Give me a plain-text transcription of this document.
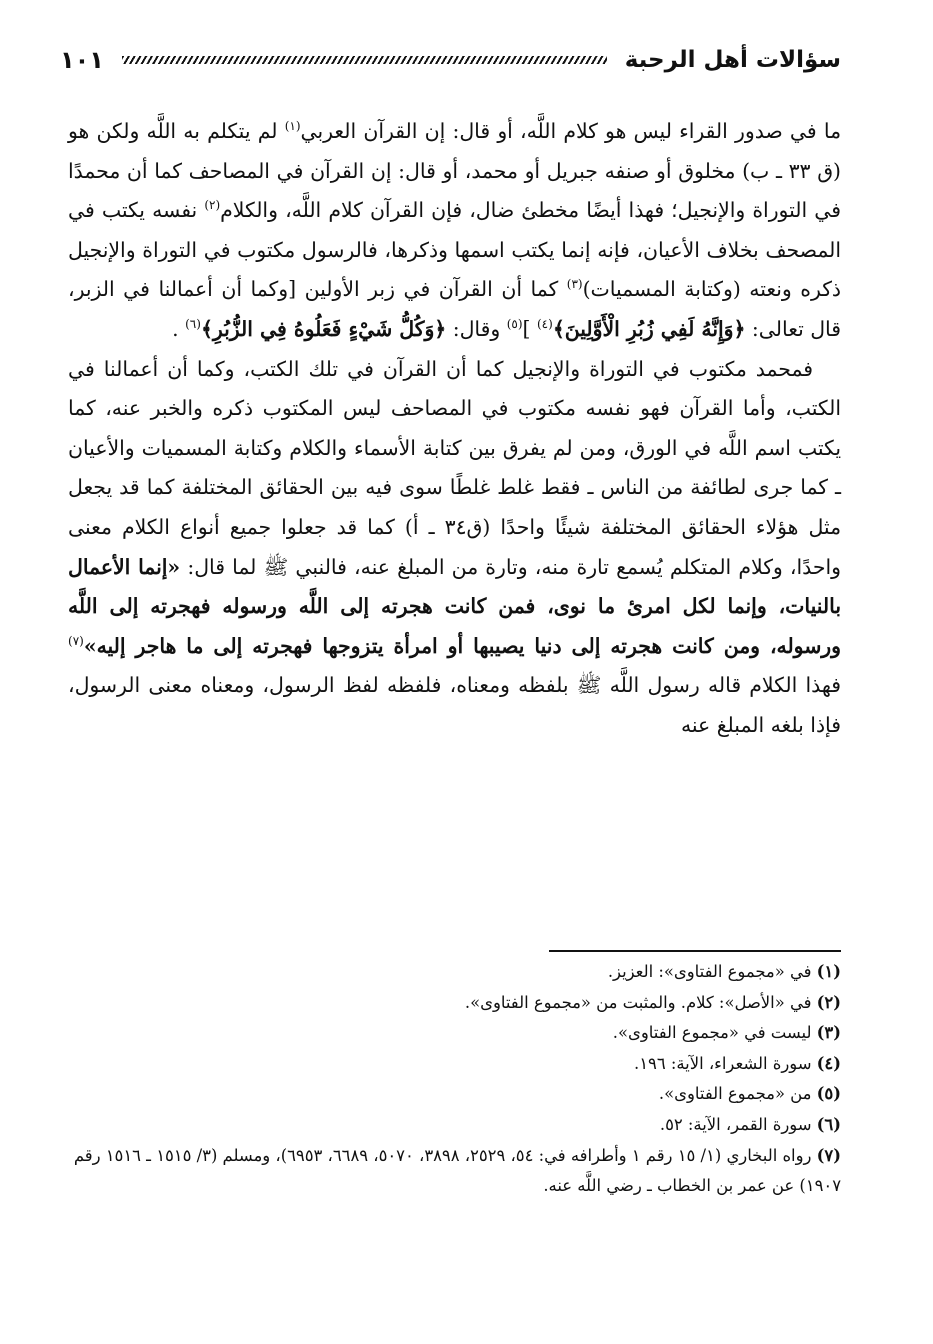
سؤالات أهل الرحبة
١٠١

ما في صدور القراء ليس هو كلام اللَّه، أو قال: إن القرآن العربي$^{(١)}$ لم يتكلم به اللَّه ولكن هو (ق ٣٣ ـ ب) مخلوق أو صنفه جبريل أو محمد، أو قال: إن القرآن في المصاحف كما أن محمدًا في التوراة والإنجيل؛ فهذا أيضًا مخطئ ضال، فإن القرآن كلام اللَّه، والكلام$^{(٢)}$ نفسه يكتب في المصحف بخلاف الأعيان، فإنه إنما يكتب اسمها وذكرها، فالرسول مكتوب في التوراة والإنجيل ذكره ونعته (وكتابة المسميات)$^{(٣)}$ كما أن القرآن في زبر الأولين [وكما أن أعمالنا في الزبر، قال تعالى: ﴿وَإِنَّهُ لَفِي زُبُرِ الْأَوَّلِينَ﴾$^{(٤)}$ ]$^{(٥)}$ وقال: ﴿وَكُلُّ شَيْءٍ فَعَلُوهُ فِي الزُّبُرِ﴾$^{(٦)}$ .

فمحمد مكتوب في التوراة والإنجيل كما أن القرآن في تلك الكتب، وكما أن أعمالنا في الكتب، وأما القرآن فهو نفسه مكتوب في المصاحف ليس المكتوب ذكره والخبر عنه، كما يكتب اسم اللَّه في الورق، ومن لم يفرق بين كتابة الأسماء والكلام وكتابة المسميات والأعيان ـ كما جرى لطائفة من الناس ـ فقط غلط غلطًا سوى فيه بين الحقائق المختلفة كما قد يجعل مثل هؤلاء الحقائق المختلفة شيئًا واحدًا (ق٣٤ ـ أ) كما قد جعلوا جميع أنواع الكلام معنى واحدًا، وكلام المتكلم يُسمع تارة منه، وتارة من المبلغ عنه، فالنبي ﷺ لما قال: «إنما الأعمال بالنيات، وإنما لكل امرئ ما نوى، فمن كانت هجرته إلى اللَّه ورسوله فهجرته إلى اللَّه ورسوله، ومن كانت هجرته إلى دنيا يصيبها أو امرأة يتزوجها فهجرته إلى ما هاجر إليه»$^{(٧)}$ فهذا الكلام قاله رسول اللَّه ﷺ بلفظه ومعناه، فلفظه لفظ الرسول، ومعناه معنى الرسول، فإذا بلغه المبلغ عنه

(١) في «مجموع الفتاوى»: العزيز.
(٢) في «الأصل»: كلام. والمثبت من «مجموع الفتاوى».
(٣) ليست في «مجموع الفتاوى».
(٤) سورة الشعراء، الآية: ١٩٦.
(٥) من «مجموع الفتاوى».
(٦) سورة القمر، الآية: ٥٢.
(٧) رواه البخاري (١/ ١٥ رقم ١ وأطرافه في: ٥٤، ٢٥٢٩، ٣٨٩٨، ٥٠٧٠، ٦٦٨٩، ٦٩٥٣)، ومسلم (٣/ ١٥١٥ ـ ١٥١٦ رقم ١٩٠٧) عن عمر بن الخطاب ـ رضي اللَّه عنه.
